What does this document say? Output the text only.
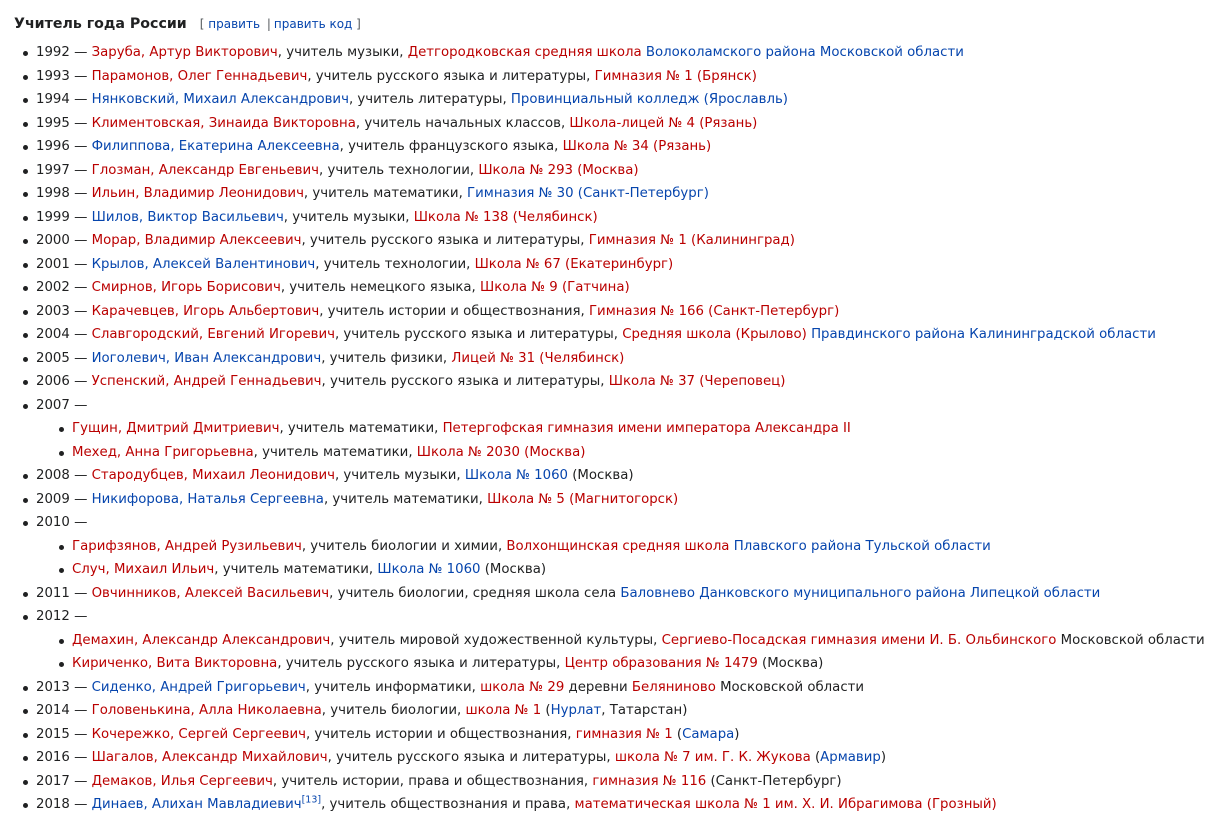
Учитель года России [ править | править код ]
1992 — Заруба, Артур Викторович, учитель музыки, Детгородковская средняя школа Волоколамского района Московской области
1993 — Парамонов, Олег Геннадьевич, учитель русского языка и литературы, Гимназия № 1 (Брянск)
1994 — Нянковский, Михаил Александрович, учитель литературы, Провинциальный колледж (Ярославль)
1995 — Климентовская, Зинаида Викторовна, учитель начальных классов, Школа-лицей № 4 (Рязань)
1996 — Филиппова, Екатерина Алексеевна, учитель французского языка, Школа № 34 (Рязань)
1997 — Глозман, Александр Евгеньевич, учитель технологии, Школа № 293 (Москва)
1998 — Ильин, Владимир Леонидович, учитель математики, Гимназия № 30 (Санкт-Петербург)
1999 — Шилов, Виктор Васильевич, учитель музыки, Школа № 138 (Челябинск)
2000 — Морар, Владимир Алексеевич, учитель русского языка и литературы, Гимназия № 1 (Калининград)
2001 — Крылов, Алексей Валентинович, учитель технологии, Школа № 67 (Екатеринбург)
2002 — Смирнов, Игорь Борисович, учитель немецкого языка, Школа № 9 (Гатчина)
2003 — Карачевцев, Игорь Альбертович, учитель истории и обществознания, Гимназия № 166 (Санкт-Петербург)
2004 — Славгородский, Евгений Игоревич, учитель русского языка и литературы, Средняя школа (Крылово) Правдинского района Калининградской области
2005 — Иоголевич, Иван Александрович, учитель физики, Лицей № 31 (Челябинск)
2006 — Успенский, Андрей Геннадьевич, учитель русского языка и литературы, Школа № 37 (Череповец)
2007 —
Гущин, Дмитрий Дмитриевич, учитель математики, Петергофская гимназия имени императора Александра II
Мехед, Анна Григорьевна, учитель математики, Школа № 2030 (Москва)
2008 — Стародубцев, Михаил Леонидович, учитель музыки, Школа № 1060 (Москва)
2009 — Никифорова, Наталья Сергеевна, учитель математики, Школа № 5 (Магнитогорск)
2010 —
Гарифзянов, Андрей Рузильевич, учитель биологии и химии, Волхонщинская средняя школа Плавского района Тульской области
Случ, Михаил Ильич, учитель математики, Школа № 1060 (Москва)
2011 — Овчинников, Алексей Васильевич, учитель биологии, средняя школа села Баловнево Данковского муниципального района Липецкой области
2012 —
Демахин, Александр Александрович, учитель мировой художественной культуры, Сергиево-Посадская гимназия имени И. Б. Ольбинского Московской области
Кириченко, Вита Викторовна, учитель русского языка и литературы, Центр образования № 1479 (Москва)
2013 — Сиденко, Андрей Григорьевич, учитель информатики, школа № 29 деревни Беляниново Московской области
2014 — Головенькина, Алла Николаевна, учитель биологии, школа № 1 (Нурлат, Татарстан)
2015 — Кочережко, Сергей Сергеевич, учитель истории и обществознания, гимназия № 1 (Самара)
2016 — Шагалов, Александр Михайлович, учитель русского языка и литературы, школа № 7 им. Г. К. Жукова (Армавир)
2017 — Демаков, Илья Сергеевич, учитель истории, права и обществознания, гимназия № 116 (Санкт-Петербург)
2018 — Динаев, Алихан Мавладиевич[13], учитель обществознания и права, математическая школа № 1 им. Х. И. Ибрагимова (Грозный)
